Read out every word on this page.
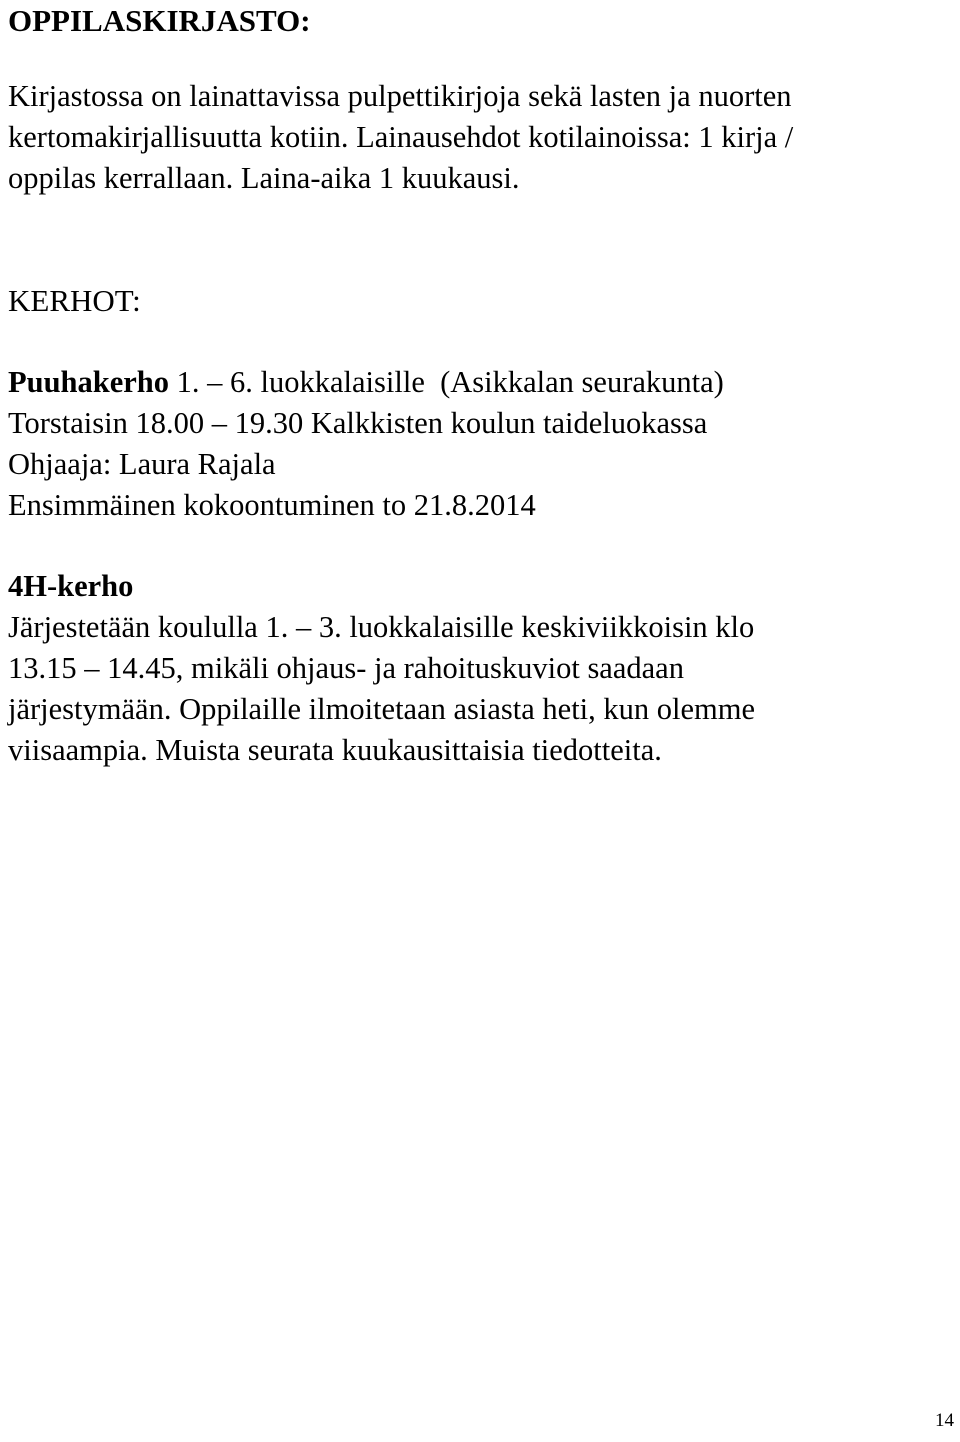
OPPILASKIRJASTO:
Kirjastossa on lainattavissa pulpettikirjoja sekä lasten ja nuorten
kertomakirjallisuutta kotiin. Lainausehdot kotilainoissa: 1 kirja /
oppilas kerrallaan. Laina-aika 1 kuukausi.
KERHOT:
Puuhakerho 1. – 6. luokkalaisille  (Asikkalan seurakunta)
Torstaisin 18.00 – 19.30 Kalkkisten koulun taideluokassa
Ohjaaja: Laura Rajala
Ensimmäinen kokoontuminen to 21.8.2014
4H-kerho
Järjestetään koululla 1. – 3. luokkalaisille keskiviikkoisin klo
13.15 – 14.45, mikäli ohjaus- ja rahoituskuviot saadaan
järjestymään. Oppilaille ilmoitetaan asiasta heti, kun olemme
viisaampia. Muista seurata kuukausittaisia tiedotteita.
14
